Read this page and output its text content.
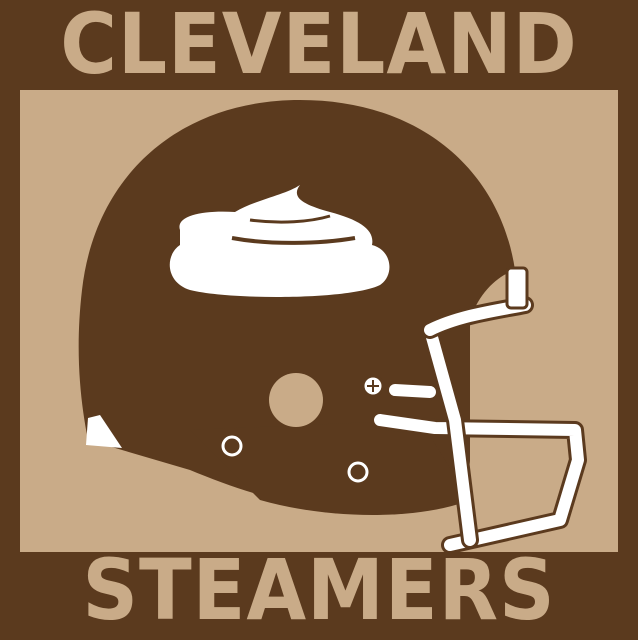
CLEVELAND
STEAMERS
